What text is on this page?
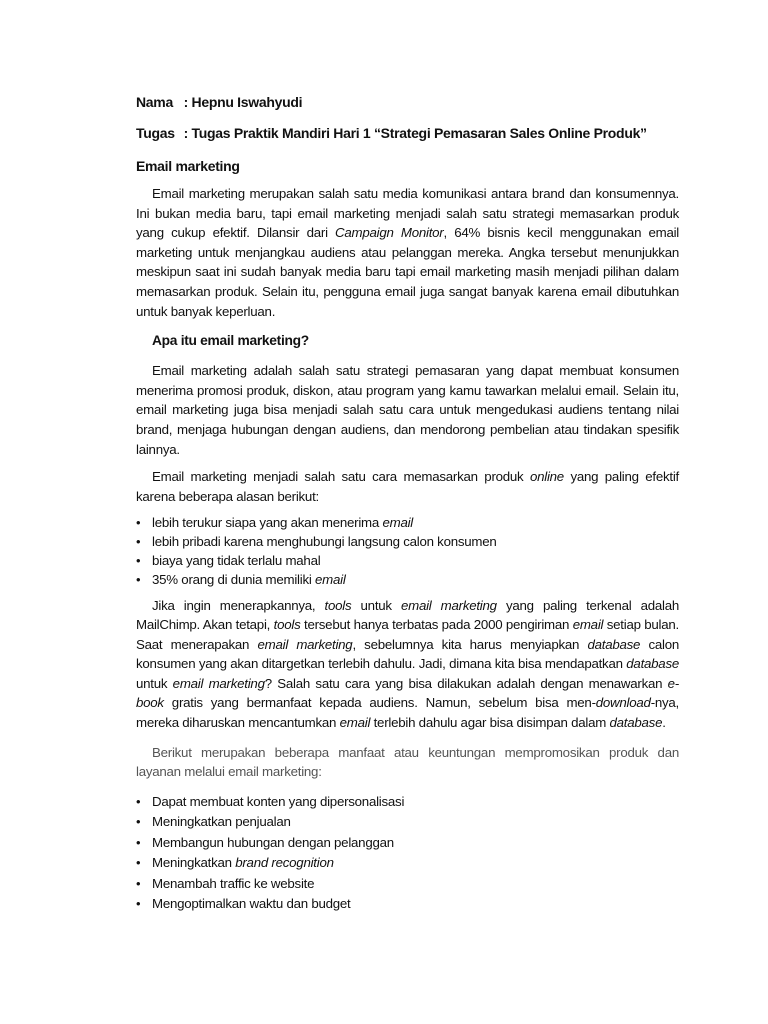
Nama : Hepnu Iswahyudi
Tugas : Tugas Praktik Mandiri Hari 1 “Strategi Pemasaran Sales Online Produk”
Email marketing

Email marketing merupakan salah satu media komunikasi antara brand dan konsumennya. Ini bukan media baru, tapi email marketing menjadi salah satu strategi memasarkan produk yang cukup efektif. Dilansir dari Campaign Monitor, 64% bisnis kecil menggunakan email marketing untuk menjangkau audiens atau pelanggan mereka. Angka tersebut menunjukkan meskipun saat ini sudah banyak media baru tapi email marketing masih menjadi pilihan dalam memasarkan produk. Selain itu, pengguna email juga sangat banyak karena email dibutuhkan untuk banyak keperluan.

Apa itu email marketing?

Email marketing adalah salah satu strategi pemasaran yang dapat membuat konsumen menerima promosi produk, diskon, atau program yang kamu tawarkan melalui email. Selain itu, email marketing juga bisa menjadi salah satu cara untuk mengedukasi audiens tentang nilai brand, menjaga hubungan dengan audiens, dan mendorong pembelian atau tindakan spesifik lainnya.

Email marketing menjadi salah satu cara memasarkan produk online yang paling efektif karena beberapa alasan berikut:

• lebih terukur siapa yang akan menerima email
• lebih pribadi karena menghubungi langsung calon konsumen
• biaya yang tidak terlalu mahal
• 35% orang di dunia memiliki email

Jika ingin menerapkannya, tools untuk email marketing yang paling terkenal adalah MailChimp. Akan tetapi, tools tersebut hanya terbatas pada 2000 pengiriman email setiap bulan. Saat menerapakan email marketing, sebelumnya kita harus menyiapkan database calon konsumen yang akan ditargetkan terlebih dahulu. Jadi, dimana kita bisa mendapatkan database untuk email marketing? Salah satu cara yang bisa dilakukan adalah dengan menawarkan e-book gratis yang bermanfaat kepada audiens. Namun, sebelum bisa men-download-nya, mereka diharuskan mencantumkan email terlebih dahulu agar bisa disimpan dalam database.

Berikut merupakan beberapa manfaat atau keuntungan mempromosikan produk dan layanan melalui email marketing:

• Dapat membuat konten yang dipersonalisasi
• Meningkatkan penjualan
• Membangun hubungan dengan pelanggan
• Meningkatkan brand recognition
• Menambah traffic ke website
• Mengoptimalkan waktu dan budget
